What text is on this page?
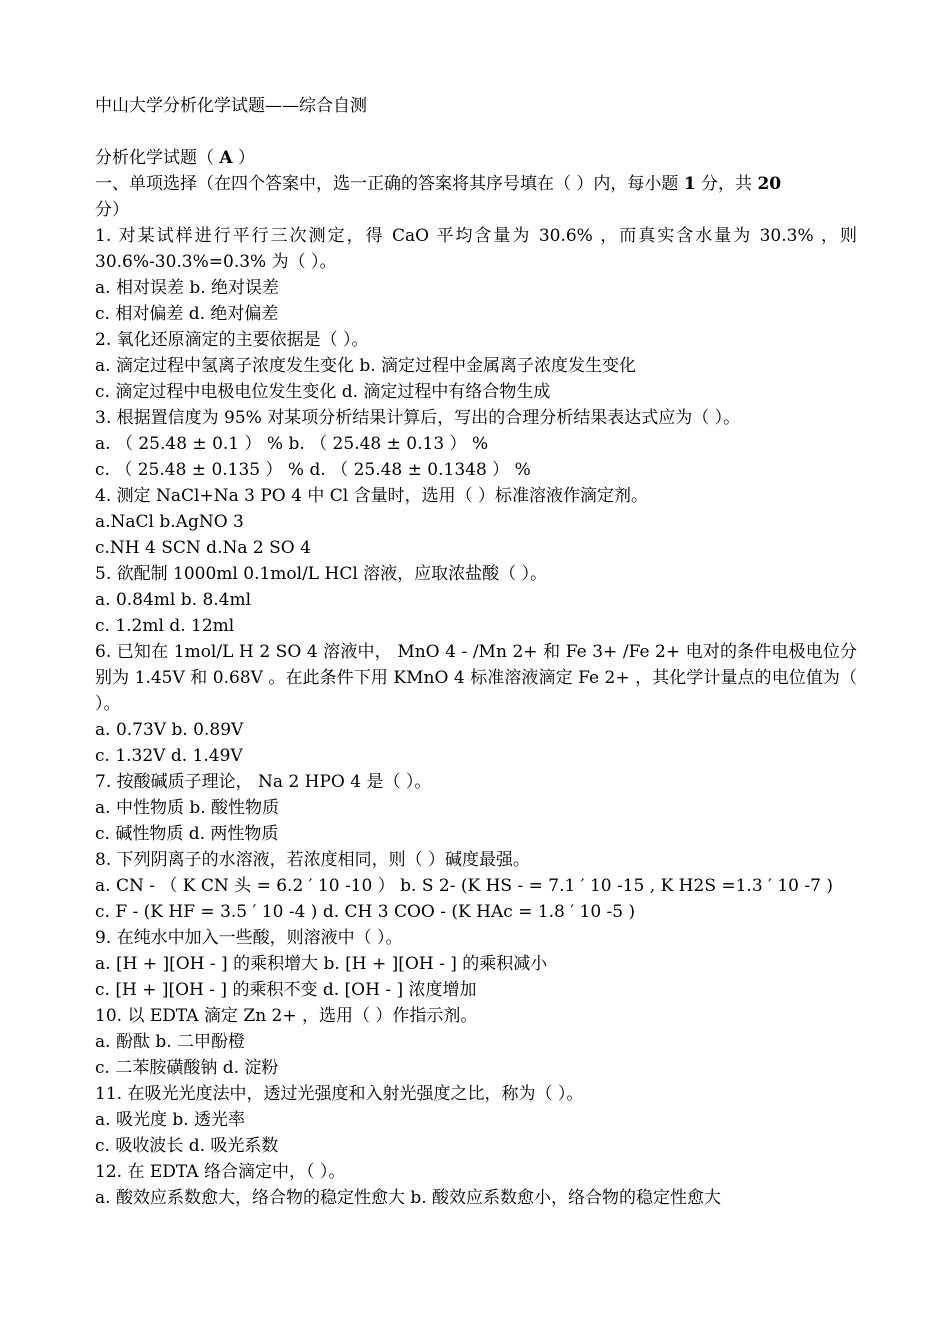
中山大学分析化学试题——综合自测
分析化学试题（ A ）
一、单项选择（在四个答案中，选一正确的答案将其序号填在（ ）内，每小题 1 分，共 20
分）
1. 对某试样进行平行三次测定，得 CaO 平均含量为 30.6% ，而真实含水量为 30.3% ，则 30.6%-30.3%=0.3% 为（ ）。
a. 相对误差 b. 绝对误差
c. 相对偏差 d. 绝对偏差
2. 氧化还原滴定的主要依据是（ ）。
a. 滴定过程中氢离子浓度发生变化 b. 滴定过程中金属离子浓度发生变化
c. 滴定过程中电极电位发生变化 d. 滴定过程中有络合物生成
3. 根据置信度为 95% 对某项分析结果计算后，写出的合理分析结果表达式应为（ ）。
a. （ 25.48 ± 0.1 ） % b. （ 25.48 ± 0.13 ） %
c. （ 25.48 ± 0.135 ） % d. （ 25.48 ± 0.1348 ） %
4. 测定 NaCl+Na 3 PO 4 中 Cl 含量时，选用（ ）标准溶液作滴定剂。
a.NaCl b.AgNO 3
c.NH 4 SCN d.Na 2 SO 4
5. 欲配制 1000ml 0.1mol/L HCl 溶液，应取浓盐酸（ ）。
a. 0.84ml b. 8.4ml
c. 1.2ml d. 12ml
6. 已知在 1mol/L H 2 SO 4 溶液中， MnO 4 - /Mn 2+ 和 Fe 3+ /Fe 2+ 电对的条件电极电位分别为 1.45V 和 0.68V 。在此条件下用 KMnO 4 标准溶液滴定 Fe 2+ ，其化学计量点的电位值为（ ）。
a. 0.73V b. 0.89V
c. 1.32V d. 1.49V
7. 按酸碱质子理论， Na 2 HPO 4 是（ ）。
a. 中性物质 b. 酸性物质
c. 碱性物质 d. 两性物质
8. 下列阴离子的水溶液，若浓度相同，则（ ）碱度最强。
a. CN - （ K CN 头 = 6.2 ′ 10 -10 ） b. S 2- (K HS - = 7.1 ′ 10 -15 , K H2S =1.3 ′ 10 -7 )
c. F - (K HF = 3.5 ′ 10 -4 ) d. CH 3 COO - (K HAc = 1.8 ′ 10 -5 )
9. 在纯水中加入一些酸，则溶液中（ ）。
a. [H + ][OH - ] 的乘积增大 b. [H + ][OH - ] 的乘积减小
c. [H + ][OH - ] 的乘积不变 d. [OH - ] 浓度增加
10. 以 EDTA 滴定 Zn 2+ ，选用（ ）作指示剂。
a. 酚酞 b. 二甲酚橙
c. 二苯胺磺酸钠 d. 淀粉
11. 在吸光光度法中，透过光强度和入射光强度之比，称为（ ）。
a. 吸光度 b. 透光率
c. 吸收波长 d. 吸光系数
12. 在 EDTA 络合滴定中，（ ）。
a. 酸效应系数愈大，络合物的稳定性愈大 b. 酸效应系数愈小，络合物的稳定性愈大
